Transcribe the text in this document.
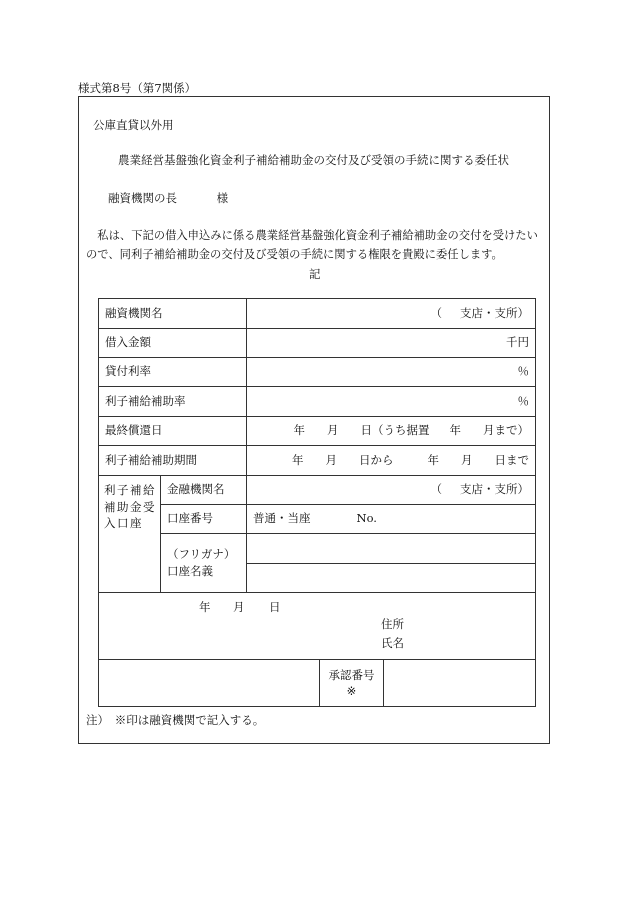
様式第8号（第7関係）
公庫直貸以外用
農業経営基盤強化資金利子補給補助金の交付及び受領の手続に関する委任状
融資機関の長	様
　私は、下記の借入申込みに係る農業経営基盤強化資金利子補給補助金の交付を受けたい
ので、同利子補給補助金の交付及び受領の手続に関する権限を貴殿に委任します。
記
融資機関名		（ 支店・支所）
借入金額		千円
貸付利率		％
利子補給補助率		％
最終償還日		年 月 日（うち据置 年 月まで）
利子補給補助期間		年 月 日から 年 月 日まで

利子補給
補助金受
入口座	金融機関名	（ 支店・支所）
	口座番号	普通・当座 No.

	（フリガナ）
口座名義	

年 月 日
住所
氏名		

承認番号
※		
注）　※印は融資機関で記入する。
